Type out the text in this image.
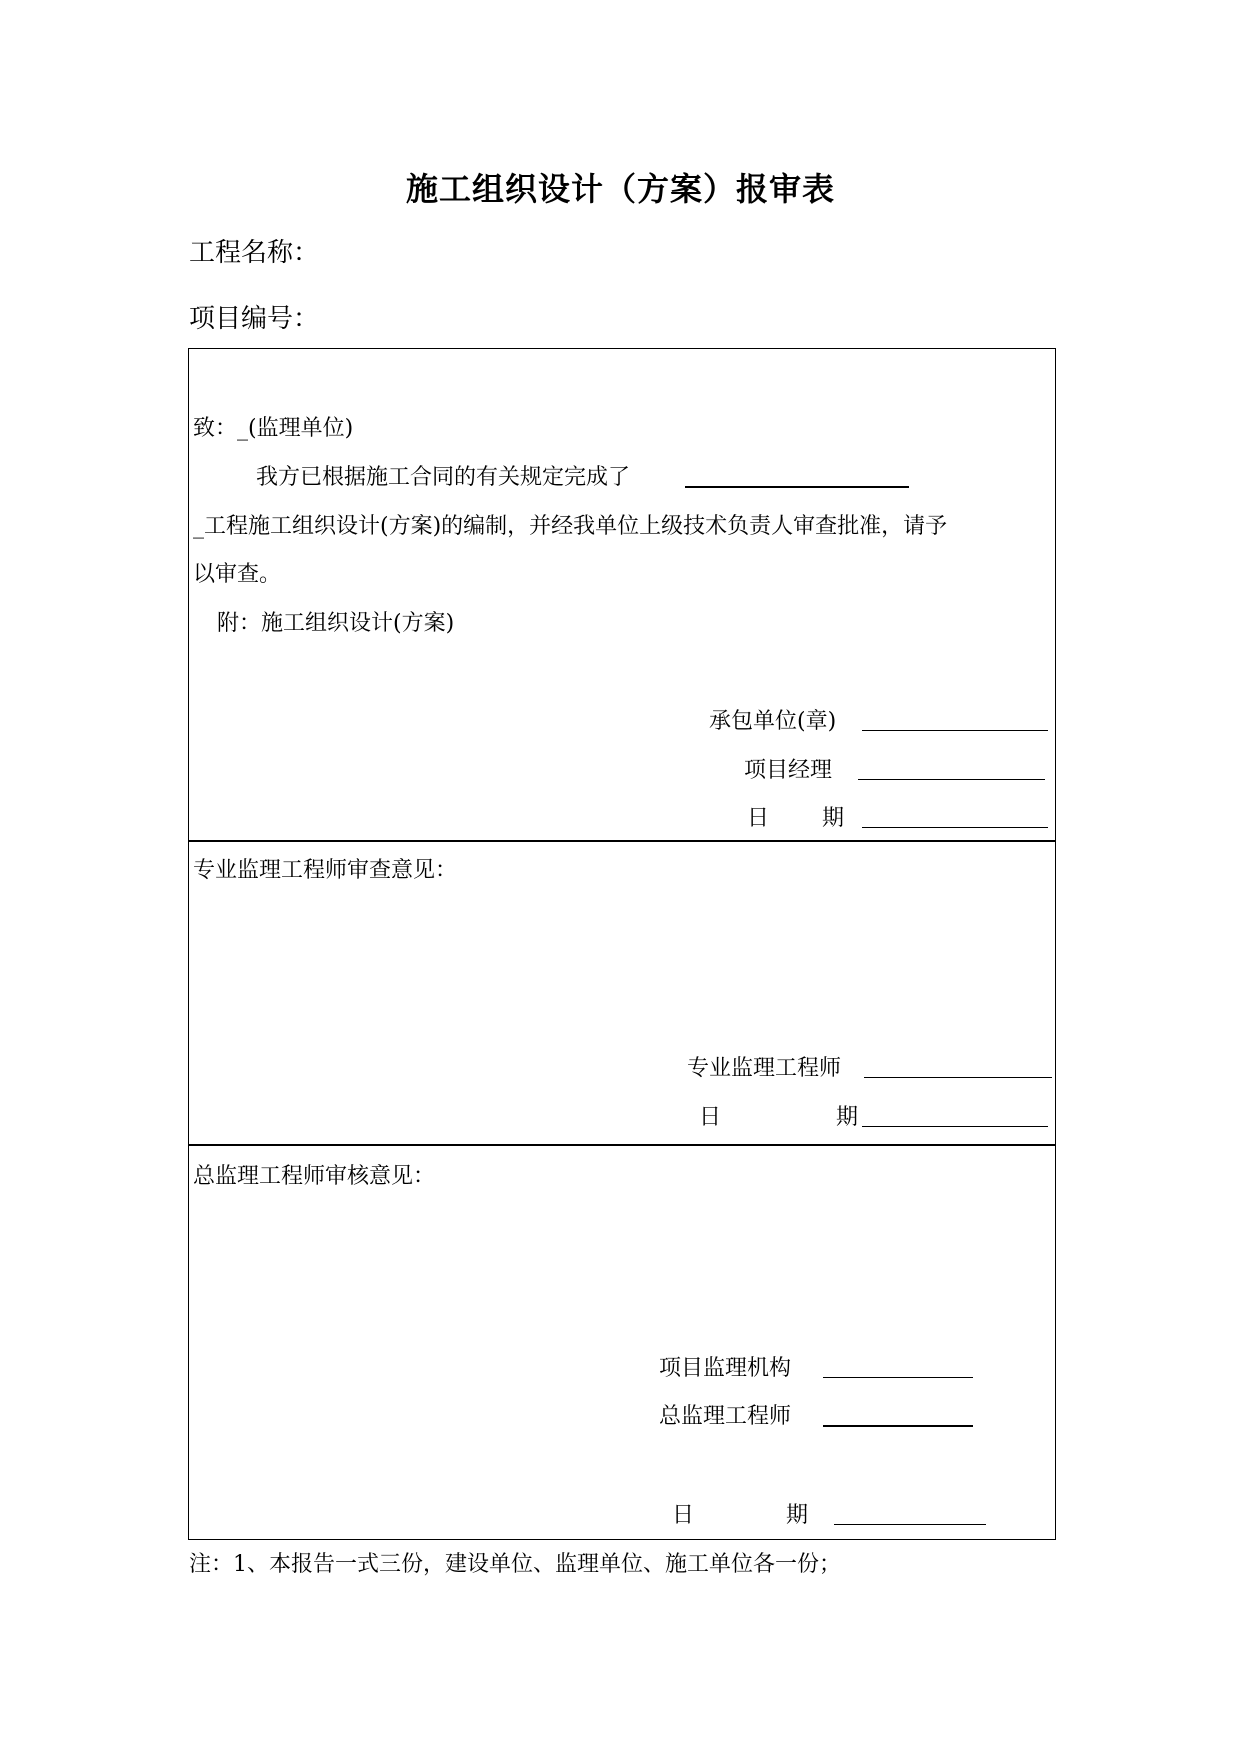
施工组织设计（方案）报审表
工程名称：
项目编号：
致：_(监理单位)
我方已根据施工合同的有关规定完成了
_工程施工组织设计(方案)的编制，并经我单位上级技术负责人审查批准，请予
以审查。
附：施工组织设计(方案)
承包单位(章)
项目经理
日 期
专业监理工程师审查意见：
专业监理工程师
日	期
总监理工程师审核意见：
项目监理机构
总监理工程师
日	期
注：1、本报告一式三份，建设单位、监理单位、施工单位各一份；
